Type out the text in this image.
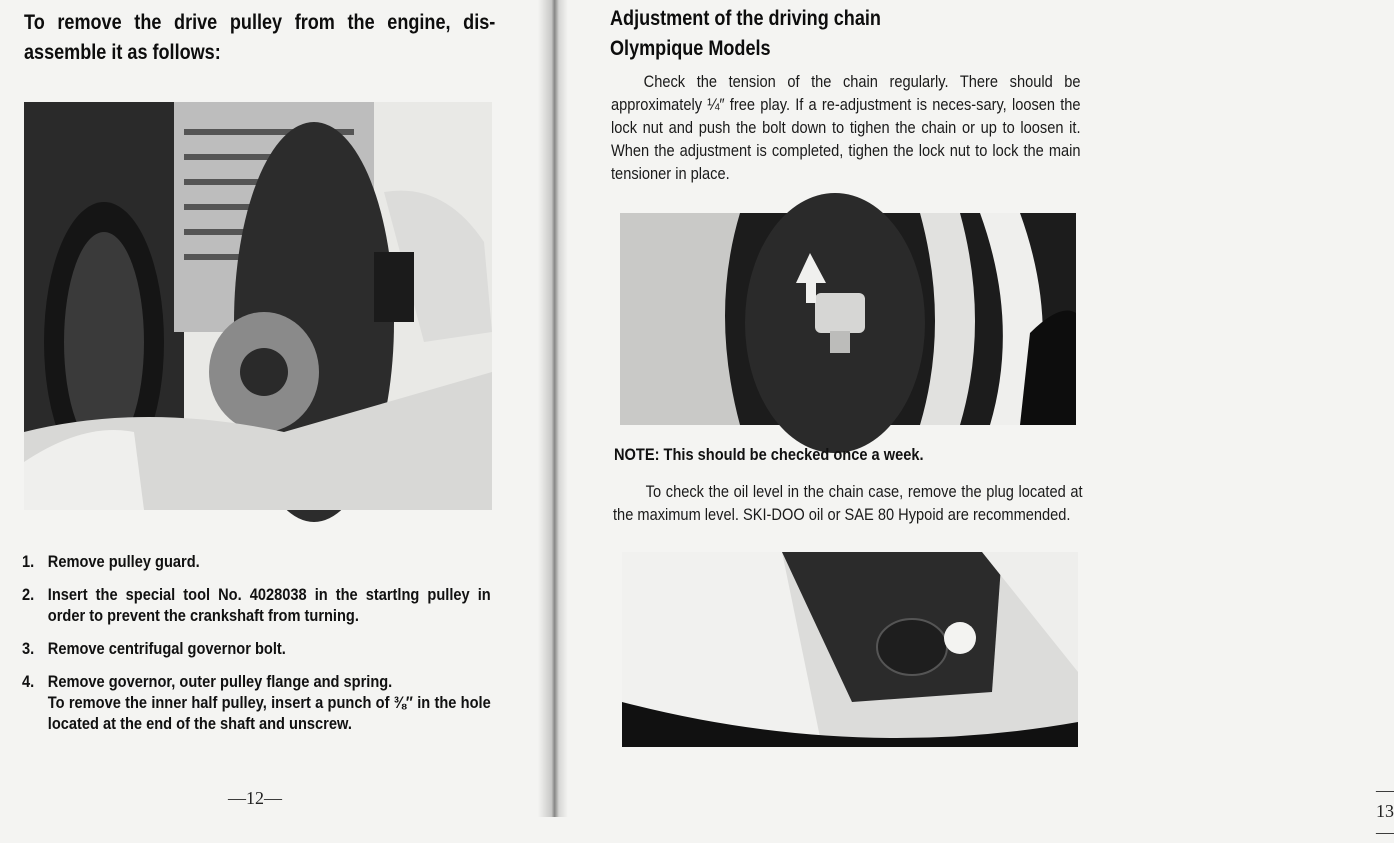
To remove the drive pulley from the engine, dis-assemble it as follows:
1. Remove pulley guard.
2. Insert the special tool No. 4028038 in the startlng pulley in order to prevent the crankshaft from turning.
3. Remove centrifugal governor bolt.
4. Remove governor, outer pulley flange and spring.
To remove the inner half pulley, insert a punch of ⅜″ in the hole located at the end of the shaft and unscrew.
—12—
Adjustment of the driving chain
Olympique Models

Check the tension of the chain regularly. There should be approximately ¼″ free play. If a re-adjustment is neces-sary, loosen the lock nut and push the bolt down to tighen the chain or up to loosen it. When the adjustment is completed, tighen the lock nut to lock the main tensioner in place.

NOTE: This should be checked once a week.

To check the oil level in the chain case, remove the plug located at the maximum level. SKI-DOO oil or SAE 80 Hypoid are recommended.

—13—
